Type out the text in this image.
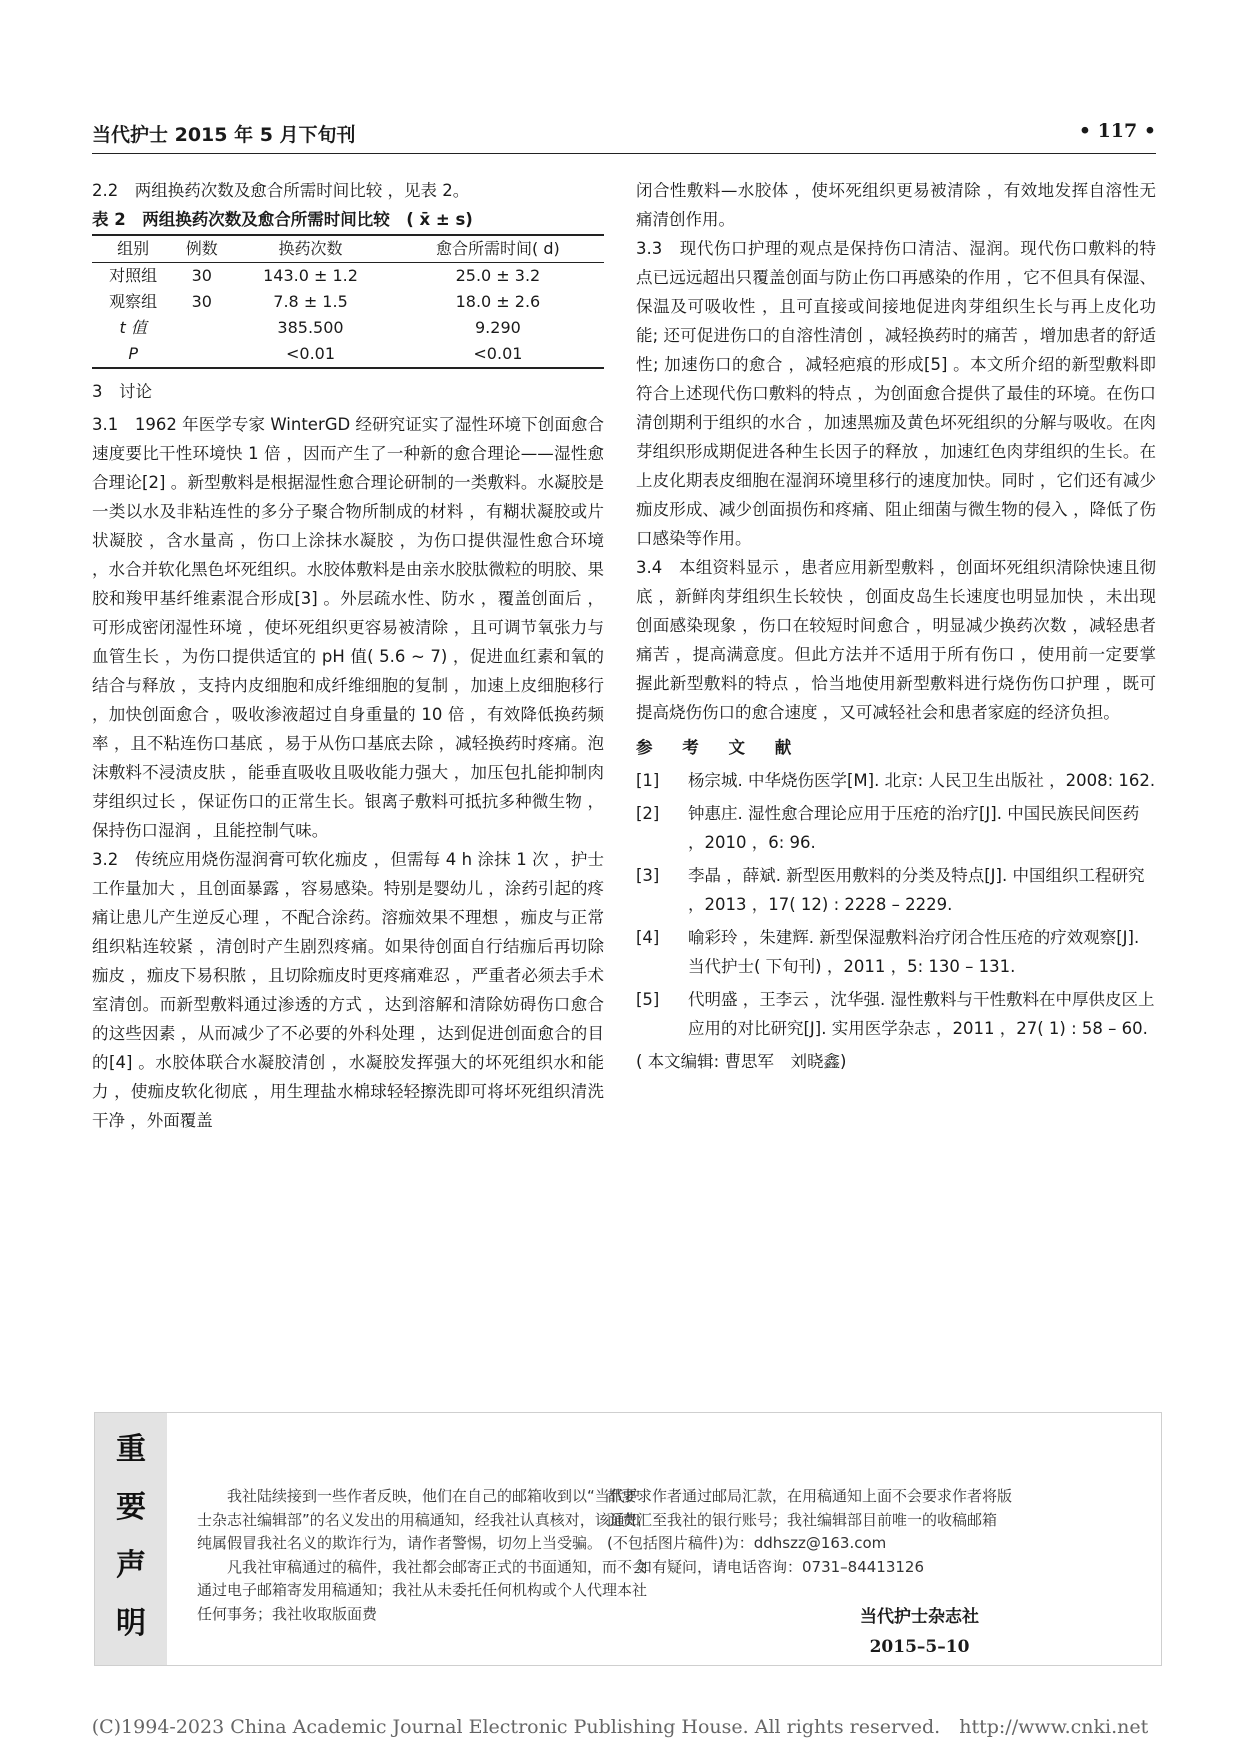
当代护士 2015 年 5 月下旬刊	• 117 •

2.2　两组换药次数及愈合所需时间比较 ，见表 2。

表 2　两组换药次数及愈合所需时间比较　( x̄ ± s)

组别	例数	换药次数	愈合所需时间( d)
对照组	30	143.0 ± 1.2	25.0 ± 3.2
观察组	30	7.8 ± 1.5	18.0 ± 2.6
t 值		385.500	9.290
P		<0.01	<0.01

3　讨论

3.1　1962 年医学专家 WinterGD 经研究证实了湿性环境下创面愈合速度要比干性环境快 1 倍 ，因而产生了一种新的愈合理论——湿性愈合理论[2] 。新型敷料是根据湿性愈合理论研制的一类敷料。水凝胶是一类以水及非粘连性的多分子聚合物所制成的材料 ，有糊状凝胶或片状凝胶 ，含水量高 ，伤口上涂抹水凝胶 ，为伤口提供湿性愈合环境 ，水合并软化黑色坏死组织。水胶体敷料是由亲水胶肽微粒的明胶、果胶和羧甲基纤维素混合形成[3] 。外层疏水性、防水 ，覆盖创面后 ，可形成密闭湿性环境 ，使坏死组织更容易被清除 ，且可调节氧张力与血管生长 ，为伤口提供适宜的 pH 值( 5.6 ~ 7) ，促进血红素和氧的结合与释放 ，支持内皮细胞和成纤维细胞的复制 ，加速上皮细胞移行 ，加快创面愈合 ，吸收渗液超过自身重量的 10 倍 ，有效降低换药频率 ，且不粘连伤口基底 ，易于从伤口基底去除 ，减轻换药时疼痛。泡沫敷料不浸渍皮肤 ，能垂直吸收且吸收能力强大 ，加压包扎能抑制肉芽组织过长 ，保证伤口的正常生长。银离子敷料可抵抗多种微生物 ，保持伤口湿润 ，且能控制气味。

3.2　传统应用烧伤湿润膏可软化痂皮 ，但需每 4 h 涂抹 1 次 ，护士工作量加大 ，且创面暴露 ，容易感染。特别是婴幼儿 ，涂药引起的疼痛让患儿产生逆反心理 ，不配合涂药。溶痂效果不理想 ，痂皮与正常组织粘连较紧 ，清创时产生剧烈疼痛。如果待创面自行结痂后再切除痂皮 ，痂皮下易积脓 ，且切除痂皮时更疼痛难忍 ，严重者必须去手术室清创。而新型敷料通过渗透的方式 ，达到溶解和清除妨碍伤口愈合的这些因素 ，从而减少了不必要的外科处理 ，达到促进创面愈合的目的[4] 。水胶体联合水凝胶清创 ，水凝胶发挥强大的坏死组织水和能力 ，使痂皮软化彻底 ，用生理盐水棉球轻轻擦洗即可将坏死组织清洗干净 ，外面覆盖

闭合性敷料—水胶体 ，使坏死组织更易被清除 ，有效地发挥自溶性无痛清创作用。

3.3　现代伤口护理的观点是保持伤口清洁、湿润。现代伤口敷料的特点已远远超出只覆盖创面与防止伤口再感染的作用 ，它不但具有保湿、保温及可吸收性 ，且可直接或间接地促进肉芽组织生长与再上皮化功能; 还可促进伤口的自溶性清创 ，减轻换药时的痛苦 ，增加患者的舒适性; 加速伤口的愈合 ，减轻疤痕的形成[5] 。本文所介绍的新型敷料即符合上述现代伤口敷料的特点 ，为创面愈合提供了最佳的环境。在伤口清创期利于组织的水合 ，加速黑痂及黄色坏死组织的分解与吸收。在肉芽组织形成期促进各种生长因子的释放 ，加速红色肉芽组织的生长。在上皮化期表皮细胞在湿润环境里移行的速度加快。同时 ，它们还有减少痂皮形成、减少创面损伤和疼痛、阻止细菌与微生物的侵入 ，降低了伤口感染等作用。

3.4　本组资料显示 ，患者应用新型敷料 ，创面坏死组织清除快速且彻底 ，新鲜肉芽组织生长较快 ，创面皮岛生长速度也明显加快 ，未出现创面感染现象 ，伤口在较短时间愈合 ，明显减少换药次数 ，减轻患者痛苦 ，提高满意度。但此方法并不适用于所有伤口 ，使用前一定要掌握此新型敷料的特点 ，恰当地使用新型敷料进行烧伤伤口护理 ，既可提高烧伤伤口的愈合速度 ，又可减轻社会和患者家庭的经济负担。

参 考 文 献

[1]	杨宗城. 中华烧伤医学[M]. 北京: 人民卫生出版社 ，2008: 162.
[2]	钟惠庄. 湿性愈合理论应用于压疮的治疗[J]. 中国民族民间医药 ，2010 ，6: 96.
[3]	李晶 ，薛斌. 新型医用敷料的分类及特点[J]. 中国组织工程研究 ，2013 ，17( 12) : 2228 – 2229.
[4]	喻彩玲 ，朱建辉. 新型保湿敷料治疗闭合性压疮的疗效观察[J]. 当代护士( 下旬刊) ，2011 ，5: 130 – 131.
[5]	代明盛 ，王李云 ，沈华强. 湿性敷料与干性敷料在中厚供皮区上应用的对比研究[J]. 实用医学杂志 ，2011 ，27( 1) : 58 – 60.

( 本文编辑: 曹思军　刘晓鑫)

重
要
声
明

我社陆续接到一些作者反映，他们在自己的邮箱收到以“当代护士杂志社编辑部”的名义发出的用稿通知，经我社认真核对，该通知纯属假冒我社名义的欺诈行为，请作者警惕，切勿上当受骗。

凡我社审稿通过的稿件，我社都会邮寄正式的书面通知，而不会通过电子邮箱寄发用稿通知；我社从未委托任何机构或个人代理本社任何事务；我社收取版面费

都要求作者通过邮局汇款，在用稿通知上面不会要求作者将版面费汇至我社的银行账号；我社编辑部目前唯一的收稿邮箱(不包括图片稿件)为：ddhszz@163.com

如有疑问，请电话咨询：0731–84413126

当代护士杂志社
2015–5–10
(C)1994-2023 China Academic Journal Electronic Publishing House. All rights reserved.　http://www.cnki.net
